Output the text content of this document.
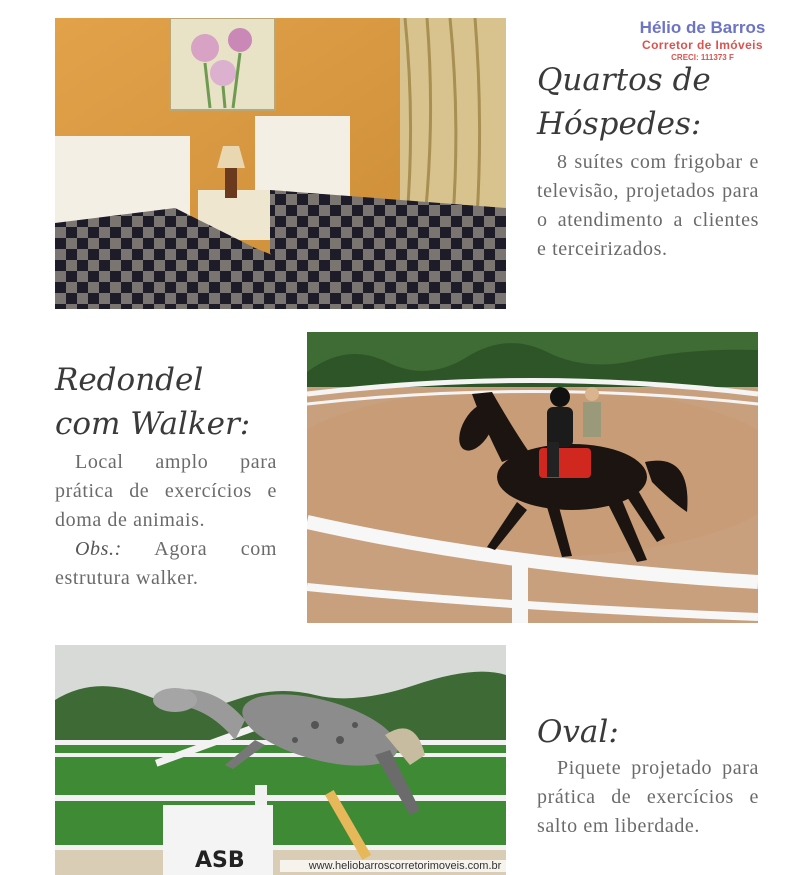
Hélio de Barros
Corretor de Imóveis
CRECI: 111373 F
Quartos de
Hóspedes:

8 suítes com frigobar e televisão, projetados para o atendimento a clientes e terceirizados.

Redondel
com Walker:

Local amplo para prática de exercícios e doma de animais.
Obs.: Agora com estrutura walker.

ASB
Oval:

Piquete projetado para prática de exercícios e salto em liberdade.

www.heliobarroscorretorimoveis.com.br
